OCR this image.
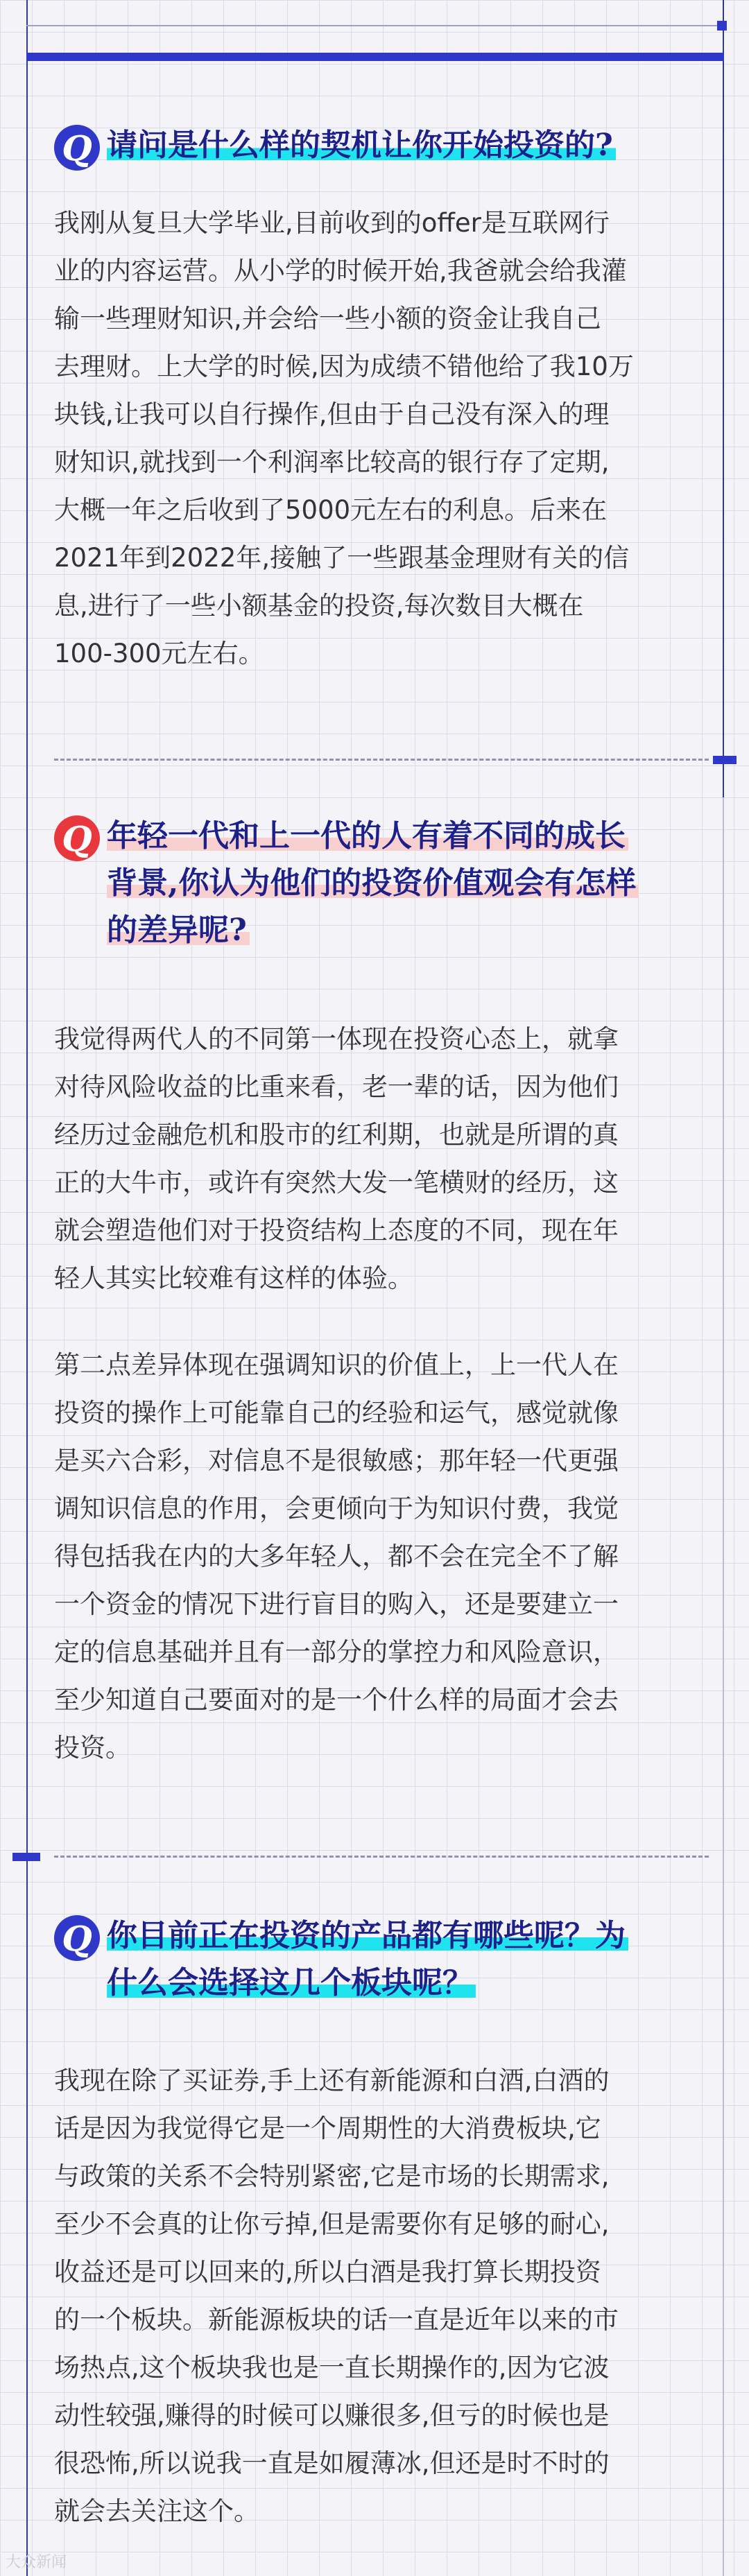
Q 请问是什么样的契机让你开始投资的?
我刚从复旦大学毕业,目前收到的offer是互联网行
业的内容运营。从小学的时候开始,我爸就会给我灌
输一些理财知识,并会给一些小额的资金让我自己
去理财。上大学的时候,因为成绩不错他给了我10万
块钱,让我可以自行操作,但由于自己没有深入的理
财知识,就找到一个利润率比较高的银行存了定期,
大概一年之后收到了5000元左右的利息。后来在
2021年到2022年,接触了一些跟基金理财有关的信
息,进行了一些小额基金的投资,每次数目大概在
100-300元左右。
Q 年轻一代和上一代的人有着不同的成长
背景,你认为他们的投资价值观会有怎样
的差异呢?
我觉得两代人的不同第一体现在投资心态上，就拿
对待风险收益的比重来看，老一辈的话，因为他们
经历过金融危机和股市的红利期，也就是所谓的真
正的大牛市，或许有突然大发一笔横财的经历，这
就会塑造他们对于投资结构上态度的不同，现在年
轻人其实比较难有这样的体验。
第二点差异体现在强调知识的价值上，上一代人在
投资的操作上可能靠自己的经验和运气，感觉就像
是买六合彩，对信息不是很敏感；那年轻一代更强
调知识信息的作用，会更倾向于为知识付费，我觉
得包括我在内的大多年轻人，都不会在完全不了解
一个资金的情况下进行盲目的购入，还是要建立一
定的信息基础并且有一部分的掌控力和风险意识，
至少知道自己要面对的是一个什么样的局面才会去
投资。
Q 你目前正在投资的产品都有哪些呢？为
什么会选择这几个板块呢？
我现在除了买证券,手上还有新能源和白酒,白酒的
话是因为我觉得它是一个周期性的大消费板块,它
与政策的关系不会特别紧密,它是市场的长期需求,
至少不会真的让你亏掉,但是需要你有足够的耐心,
收益还是可以回来的,所以白酒是我打算长期投资
的一个板块。新能源板块的话一直是近年以来的市
场热点,这个板块我也是一直长期操作的,因为它波
动性较强,赚得的时候可以赚很多,但亏的时候也是
很恐怖,所以说我一直是如履薄冰,但还是时不时的
就会去关注这个。
大众新闻
